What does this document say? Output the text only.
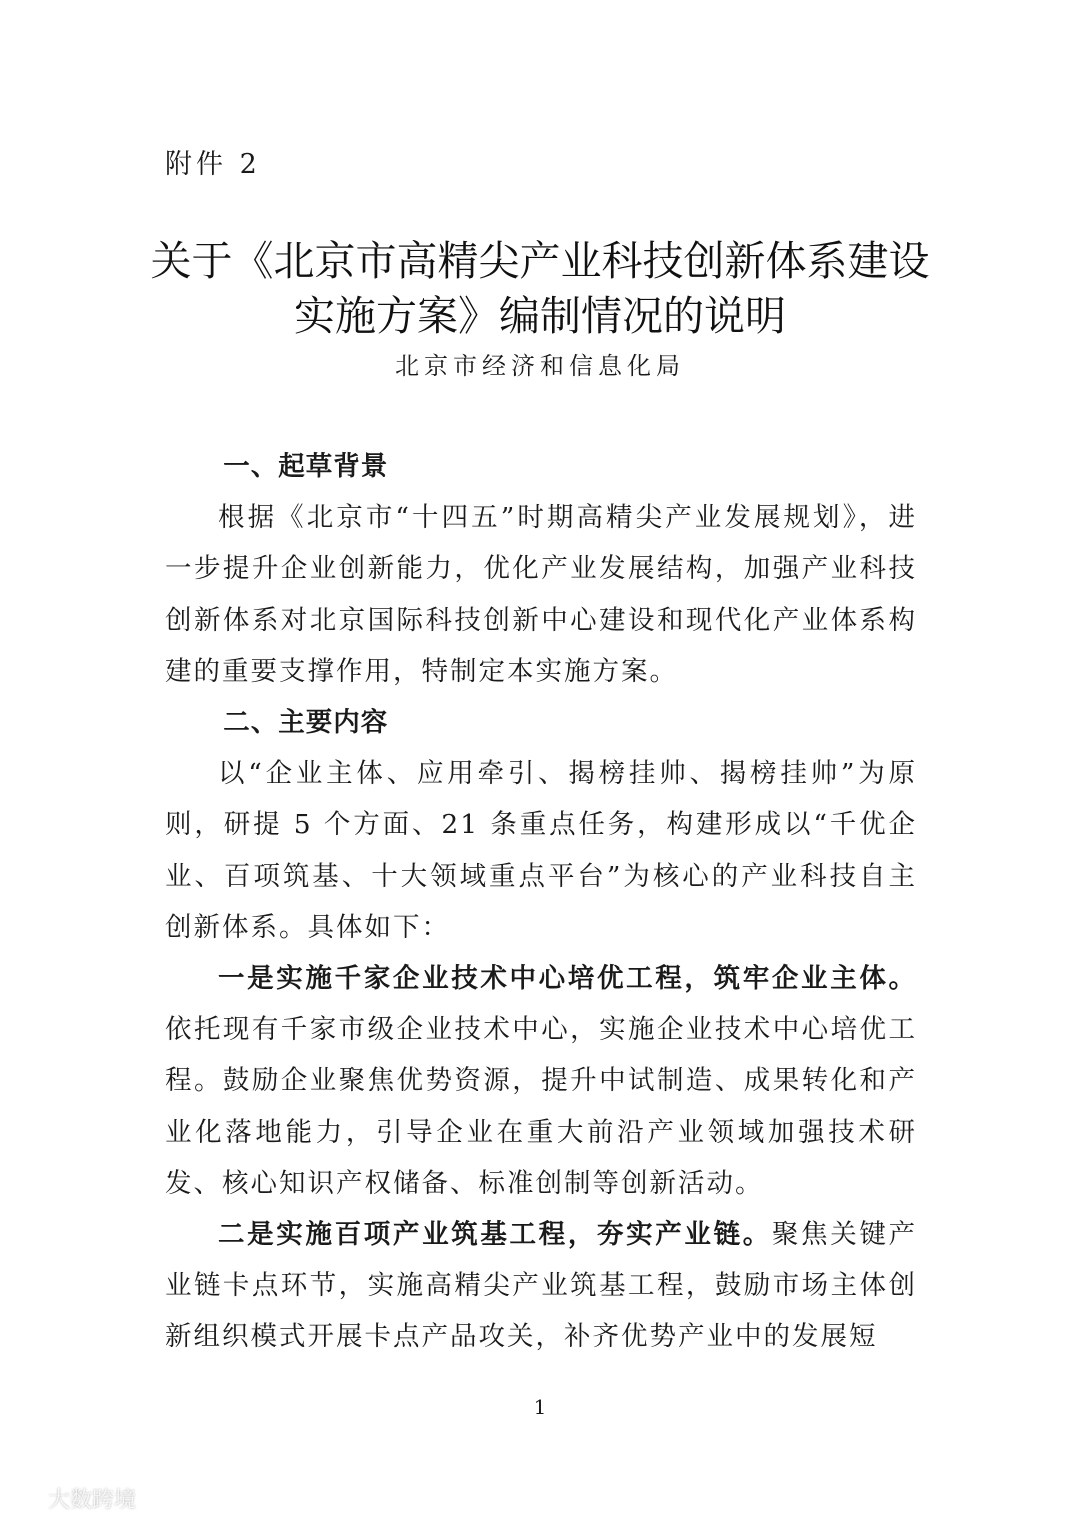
附件 2
关于《北京市高精尖产业科技创新体系建设
实施方案》编制情况的说明
北京市经济和信息化局
一、起草背景

根据《北京市“十四五”时期高精尖产业发展规划》，进一步提升企业创新能力，优化产业发展结构，加强产业科技创新体系对北京国际科技创新中心建设和现代化产业体系构建的重要支撑作用，特制定本实施方案。

二、主要内容

以“企业主体、应用牵引、揭榜挂帅、揭榜挂帅”为原则，研提 5 个方面、21 条重点任务，构建形成以“千优企业、百项筑基、十大领域重点平台”为核心的产业科技自主创新体系。具体如下：

一是实施千家企业技术中心培优工程，筑牢企业主体。依托现有千家市级企业技术中心，实施企业技术中心培优工程。鼓励企业聚焦优势资源，提升中试制造、成果转化和产业化落地能力，引导企业在重大前沿产业领域加强技术研发、核心知识产权储备、标准创制等创新活动。

二是实施百项产业筑基工程，夯实产业链。聚焦关键产业链卡点环节，实施高精尖产业筑基工程，鼓励市场主体创新组织模式开展卡点产品攻关，补齐优势产业中的发展短

1
大数跨境
